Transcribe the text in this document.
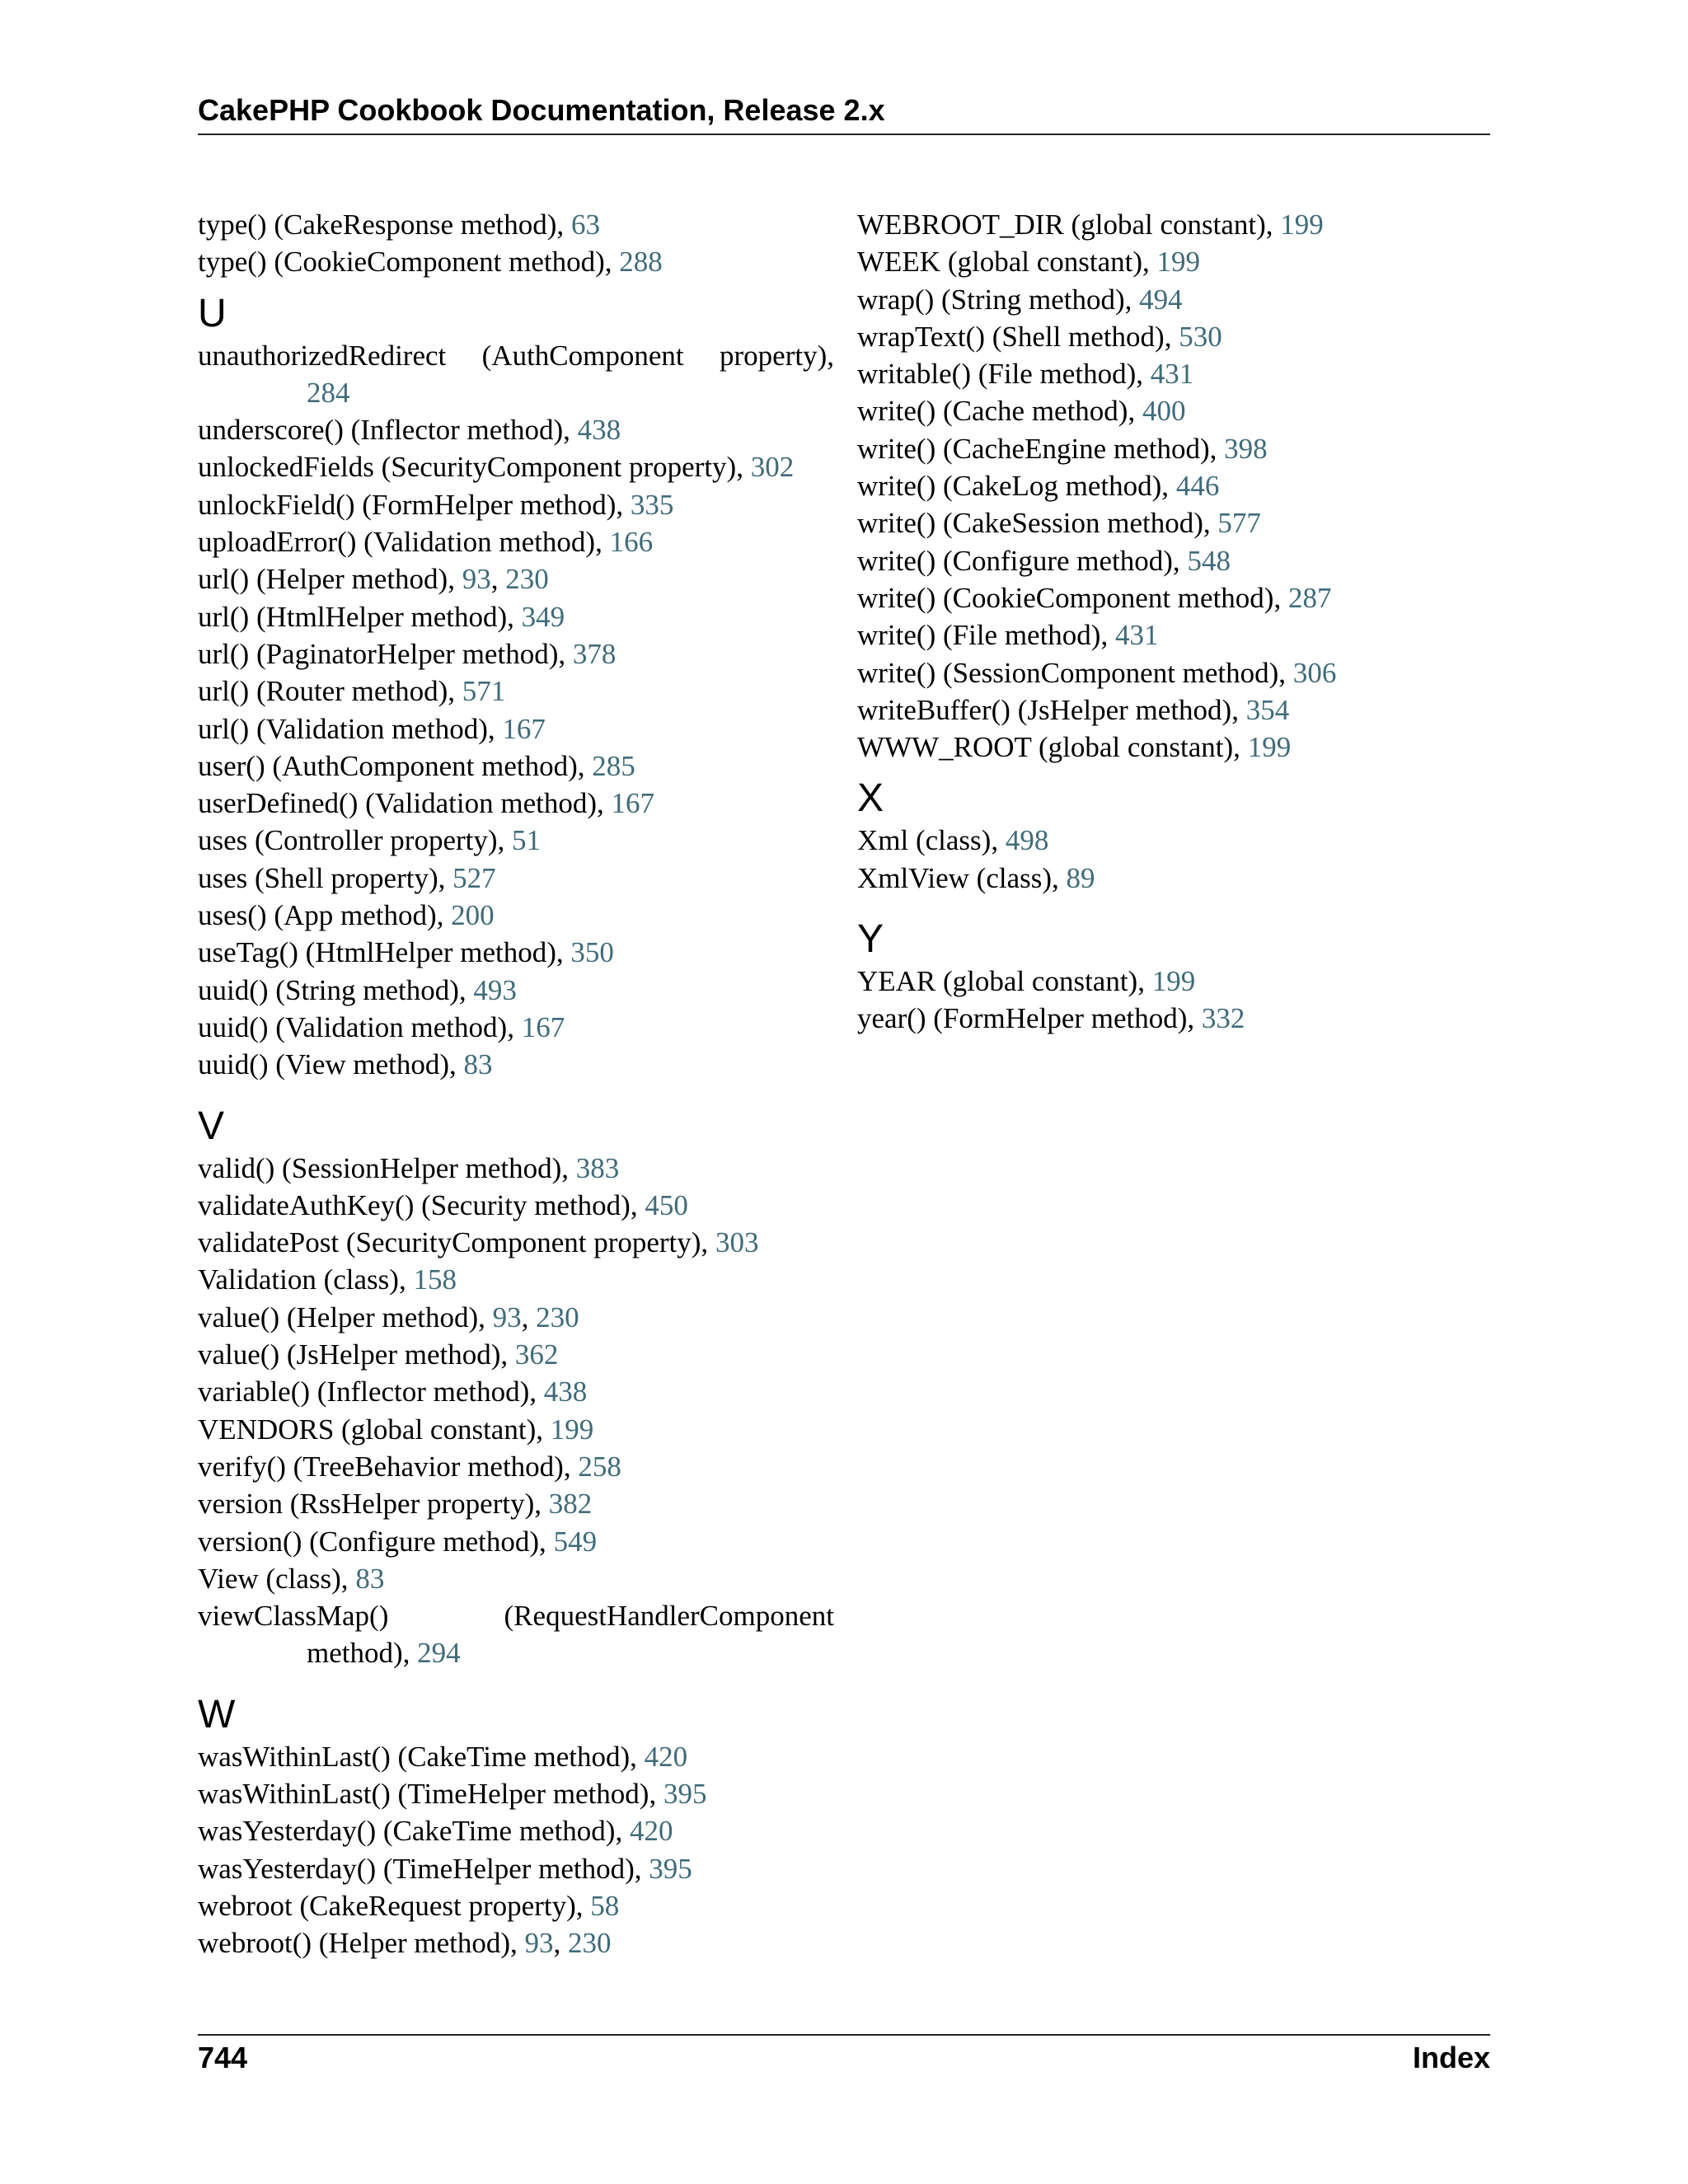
CakePHP Cookbook Documentation, Release 2.x
type() (CakeResponse method), 63
type() (CookieComponent method), 288
U
unauthorizedRedirect (AuthComponent property),
284
underscore() (Inflector method), 438
unlockedFields (SecurityComponent property), 302
unlockField() (FormHelper method), 335
uploadError() (Validation method), 166
url() (Helper method), 93, 230
url() (HtmlHelper method), 349
url() (PaginatorHelper method), 378
url() (Router method), 571
url() (Validation method), 167
user() (AuthComponent method), 285
userDefined() (Validation method), 167
uses (Controller property), 51
uses (Shell property), 527
uses() (App method), 200
useTag() (HtmlHelper method), 350
uuid() (String method), 493
uuid() (Validation method), 167
uuid() (View method), 83
V
valid() (SessionHelper method), 383
validateAuthKey() (Security method), 450
validatePost (SecurityComponent property), 303
Validation (class), 158
value() (Helper method), 93, 230
value() (JsHelper method), 362
variable() (Inflector method), 438
VENDORS (global constant), 199
verify() (TreeBehavior method), 258
version (RssHelper property), 382
version() (Configure method), 549
View (class), 83
viewClassMap()	(RequestHandlerComponent
method), 294
W
wasWithinLast() (CakeTime method), 420
wasWithinLast() (TimeHelper method), 395
wasYesterday() (CakeTime method), 420
wasYesterday() (TimeHelper method), 395
webroot (CakeRequest property), 58
webroot() (Helper method), 93, 230
WEBROOT_DIR (global constant), 199
WEEK (global constant), 199
wrap() (String method), 494
wrapText() (Shell method), 530
writable() (File method), 431
write() (Cache method), 400
write() (CacheEngine method), 398
write() (CakeLog method), 446
write() (CakeSession method), 577
write() (Configure method), 548
write() (CookieComponent method), 287
write() (File method), 431
write() (SessionComponent method), 306
writeBuffer() (JsHelper method), 354
WWW_ROOT (global constant), 199
X
Xml (class), 498
XmlView (class), 89
Y
YEAR (global constant), 199
year() (FormHelper method), 332
744	Index
